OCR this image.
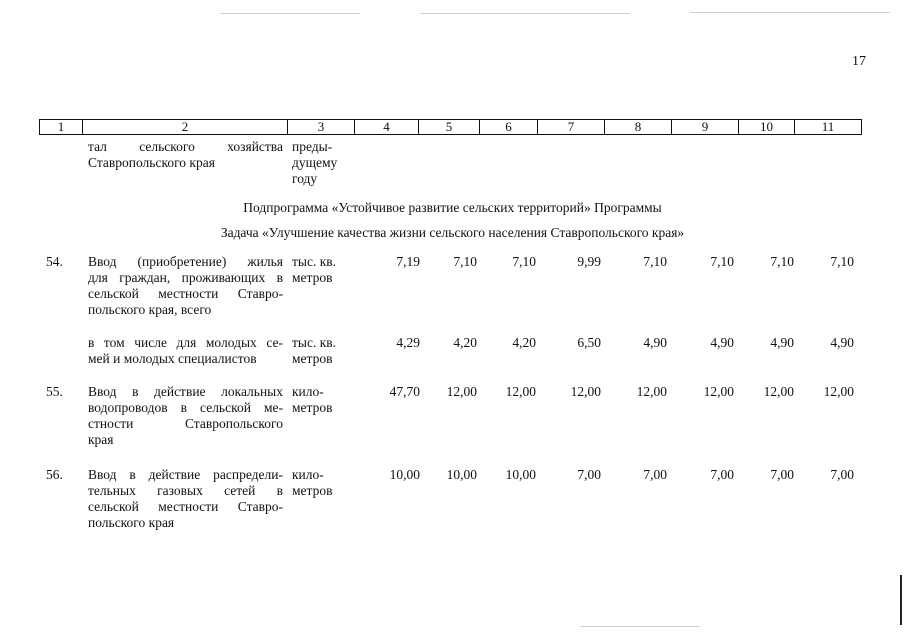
17
1	2	3	4	5	6	7	8	9	10	11
тал сельского хозяйства
Ставропольского края
преды-
дущему
году
Подпрограмма «Устойчивое развитие сельских территорий» Программы
Задача «Улучшение качества жизни сельского населения Ставропольского края»
54. Ввод (приобретение) жилья
для граждан, проживающих в
сельской местности Ставро-
польского края, всего
тыс. кв.
метров
7,19	7,10	7,10	9,99	7,10	7,10	7,10	7,10
в том числе для молодых се-
мей и молодых специалистов
тыс. кв.
метров
4,29	4,20	4,20	6,50	4,90	4,90	4,90	4,90
55. Ввод в действие локальных
водопроводов в сельской ме-
стности Ставропольского
края
кило-
метров
47,70	12,00	12,00	12,00	12,00	12,00	12,00	12,00
56. Ввод в действие распредели-
тельных газовых сетей в
сельской местности Ставро-
польского края
кило-
метров
10,00	10,00	10,00	7,00	7,00	7,00	7,00	7,00
